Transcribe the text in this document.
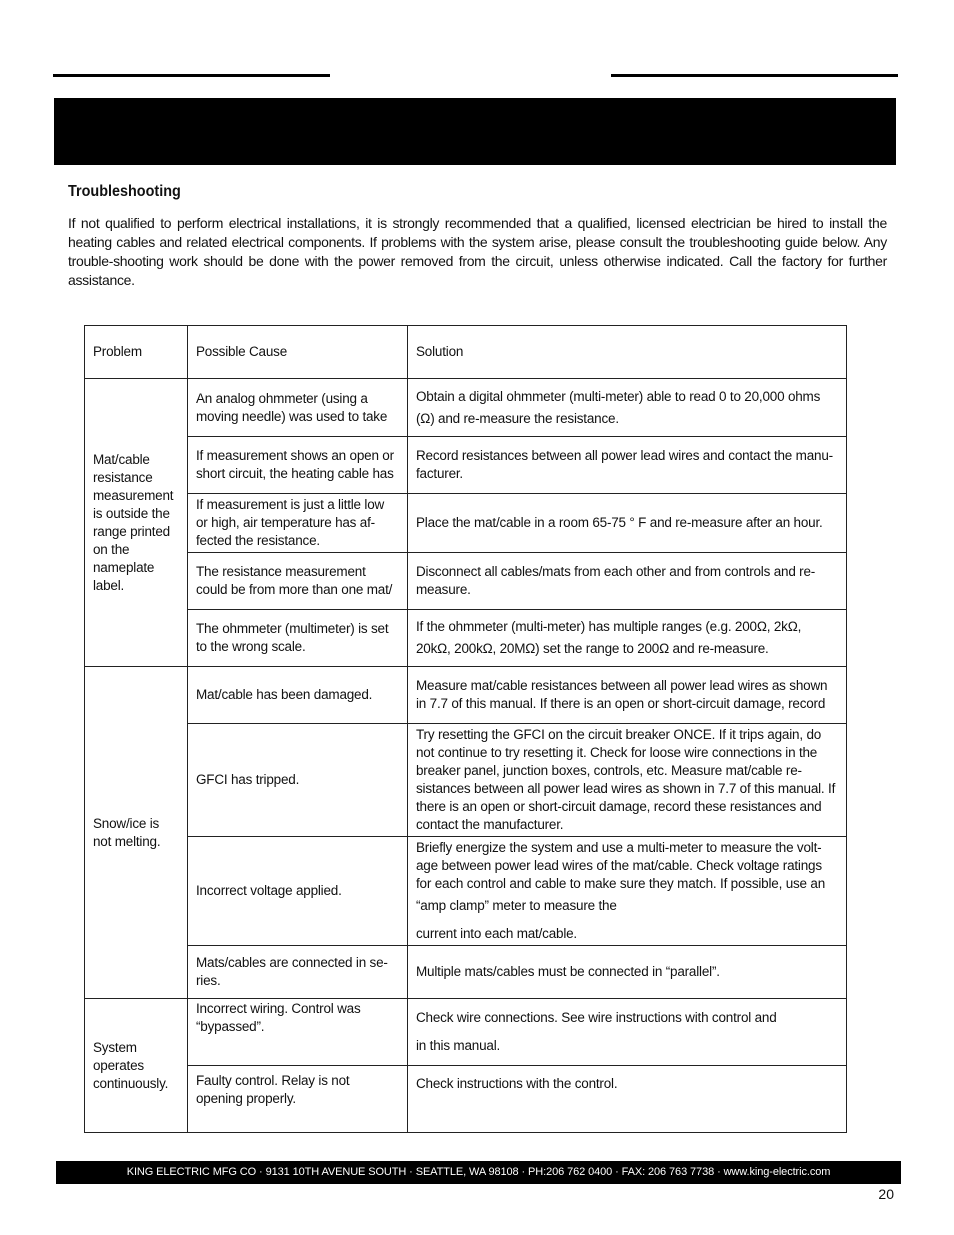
Troubleshooting
If not qualified to perform electrical installations, it is strongly recommended that a qualified, licensed electrician be hired to install the heating cables and related electrical components. If problems with the system arise, please consult the troubleshooting guide below. Any trouble-shooting work should be done with the power removed from the circuit, unless otherwise indicated. Call the factory for further assistance.
Problem	Possible Cause	Solution
Mat/cable resistance measurement is outside the range printed on the nameplate label.	An analog ohmmeter (using a moving needle) was used to take	Obtain a digital ohmmeter (multi-meter) able to read 0 to 20,000 ohms (Ω) and re-measure the resistance.
	If measurement shows an open or short circuit, the heating cable has	Record resistances between all power lead wires and contact the manu-facturer.
	If measurement is just a little low or high, air temperature has af-fected the resistance.	Place the mat/cable in a room 65-75 ° F and re-measure after an hour.
	The resistance measurement could be from more than one mat/	Disconnect all cables/mats from each other and from controls and re-measure.
	The ohmmeter (multimeter) is set to the wrong scale.	If the ohmmeter (multi-meter) has multiple ranges (e.g. 200Ω, 2kΩ, 20kΩ, 200kΩ, 20MΩ) set the range to 200Ω and re-measure.
Snow/ice is not melting.	Mat/cable has been damaged.	Measure mat/cable resistances between all power lead wires as shown in 7.7 of this manual. If there is an open or short-circuit damage, record
	GFCI has tripped.	Try resetting the GFCI on the circuit breaker ONCE. If it trips again, do not continue to try resetting it. Check for loose wire connections in the breaker panel, junction boxes, controls, etc. Measure mat/cable re-sistances between all power lead wires as shown in 7.7 of this manual. If there is an open or short-circuit damage, record these resistances and contact the manufacturer.
	Incorrect voltage applied.	Briefly energize the system and use a multi-meter to measure the volt-age between power lead wires of the mat/cable. Check voltage ratings for each control and cable to make sure they match. If possible, use an
“amp clamp” meter to measure the
current into each mat/cable.

	Mats/cables are connected in se-ries.	Multiple mats/cables must be connected in “parallel”.
System operates continuously.	Incorrect wiring. Control was “bypassed”.	Check wire connections. See wire instructions with control and
in this manual.

	Faulty control. Relay is not opening properly.	Check instructions with the control.
KING ELECTRIC MFG CO · 9131 10TH AVENUE SOUTH · SEATTLE, WA 98108 · PH:206 762 0400 · FAX: 206 763 7738 · www.king-electric.com
20
